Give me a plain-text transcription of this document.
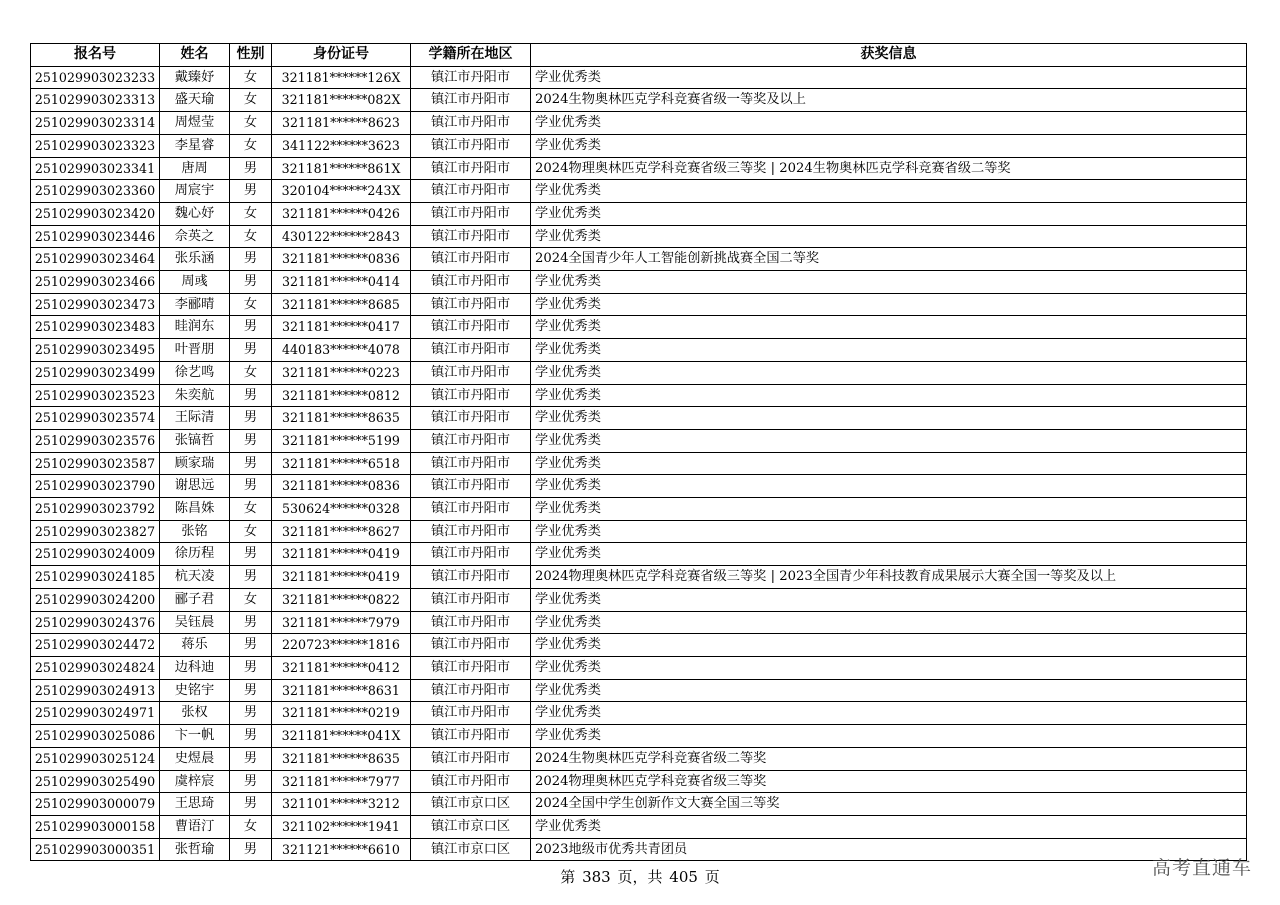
报名号	姓名	性别	身份证号	学籍所在地区	获奖信息
251029903023233	戴臻妤	女	321181******126X	镇江市丹阳市	学业优秀类
251029903023313	盛天瑜	女	321181******082X	镇江市丹阳市	2024生物奥林匹克学科竞赛省级一等奖及以上
251029903023314	周煜莹	女	321181******8623	镇江市丹阳市	学业优秀类
251029903023323	李星睿	女	341122******3623	镇江市丹阳市	学业优秀类
251029903023341	唐周	男	321181******861X	镇江市丹阳市	2024物理奥林匹克学科竞赛省级三等奖 | 2024生物奥林匹克学科竞赛省级二等奖
251029903023360	周宸宇	男	320104******243X	镇江市丹阳市	学业优秀类
251029903023420	魏心妤	女	321181******0426	镇江市丹阳市	学业优秀类
251029903023446	佘英之	女	430122******2843	镇江市丹阳市	学业优秀类
251029903023464	张乐涵	男	321181******0836	镇江市丹阳市	2024全国青少年人工智能创新挑战赛全国二等奖
251029903023466	周彧	男	321181******0414	镇江市丹阳市	学业优秀类
251029903023473	李郦晴	女	321181******8685	镇江市丹阳市	学业优秀类
251029903023483	眭润东	男	321181******0417	镇江市丹阳市	学业优秀类
251029903023495	叶晋朋	男	440183******4078	镇江市丹阳市	学业优秀类
251029903023499	徐艺鸣	女	321181******0223	镇江市丹阳市	学业优秀类
251029903023523	朱奕航	男	321181******0812	镇江市丹阳市	学业优秀类
251029903023574	王际清	男	321181******8635	镇江市丹阳市	学业优秀类
251029903023576	张镐哲	男	321181******5199	镇江市丹阳市	学业优秀类
251029903023587	顾家瑞	男	321181******6518	镇江市丹阳市	学业优秀类
251029903023790	谢思远	男	321181******0836	镇江市丹阳市	学业优秀类
251029903023792	陈昌姝	女	530624******0328	镇江市丹阳市	学业优秀类
251029903023827	张铭	女	321181******8627	镇江市丹阳市	学业优秀类
251029903024009	徐历程	男	321181******0419	镇江市丹阳市	学业优秀类
251029903024185	杭天凌	男	321181******0419	镇江市丹阳市	2024物理奥林匹克学科竞赛省级三等奖 | 2023全国青少年科技教育成果展示大赛全国一等奖及以上
251029903024200	郦子君	女	321181******0822	镇江市丹阳市	学业优秀类
251029903024376	吴钰晨	男	321181******7979	镇江市丹阳市	学业优秀类
251029903024472	蒋乐	男	220723******1816	镇江市丹阳市	学业优秀类
251029903024824	边科迪	男	321181******0412	镇江市丹阳市	学业优秀类
251029903024913	史铭宇	男	321181******8631	镇江市丹阳市	学业优秀类
251029903024971	张权	男	321181******0219	镇江市丹阳市	学业优秀类
251029903025086	卞一帆	男	321181******041X	镇江市丹阳市	学业优秀类
251029903025124	史煜晨	男	321181******8635	镇江市丹阳市	2024生物奥林匹克学科竞赛省级二等奖
251029903025490	虞梓宸	男	321181******7977	镇江市丹阳市	2024物理奥林匹克学科竞赛省级三等奖
251029903000079	王思琦	男	321101******3212	镇江市京口区	2024全国中学生创新作文大赛全国三等奖
251029903000158	曹语汀	女	321102******1941	镇江市京口区	学业优秀类
251029903000351	张哲瑜	男	321121******6610	镇江市京口区	2023地级市优秀共青团员
第 383 页，共 405 页	高考直通车
